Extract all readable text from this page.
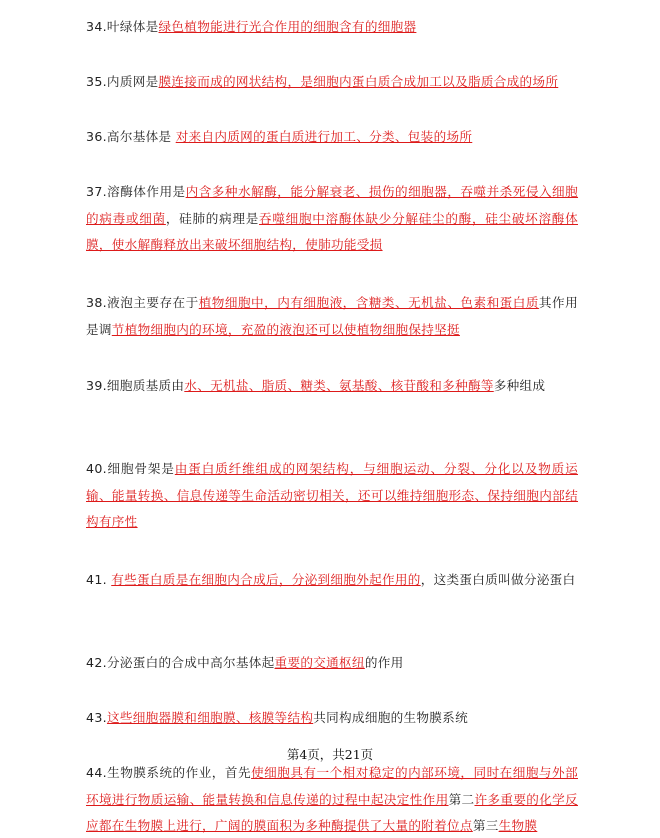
34.叶绿体是绿色植物能进行光合作用的细胞含有的细胞器

35.内质网是膜连接而成的网状结构，是细胞内蛋白质合成加工以及脂质合成的场所

36.高尔基体是 对来自内质网的蛋白质进行加工、分类、包装的场所

37.溶酶体作用是内含多种水解酶，能分解衰老、损伤的细胞器，吞噬并杀死侵入细胞的病毒或细菌，硅肺的病理是吞噬细胞中溶酶体缺少分解硅尘的酶，硅尘破坏溶酶体膜，使水解酶释放出来破坏细胞结构，使肺功能受损

38.液泡主要存在于植物细胞中，内有细胞液，含糖类、无机盐、色素和蛋白质其作用是调节植物细胞内的环境，充盈的液泡还可以使植物细胞保持坚挺

39.细胞质基质由水、无机盐、脂质、糖类、氨基酸、核苷酸和多种酶等多种组成

40.细胞骨架是由蛋白质纤维组成的网架结构，与细胞运动、分裂、分化以及物质运输、能量转换、信息传递等生命活动密切相关，还可以维持细胞形态、保持细胞内部结构有序性

41. 有些蛋白质是在细胞内合成后，分泌到细胞外起作用的，这类蛋白质叫做分泌蛋白

42.分泌蛋白的合成中高尔基体起重要的交通枢纽的作用

43.这些细胞器膜和细胞膜、核膜等结构共同构成细胞的生物膜系统

44.生物膜系统的作业，首先使细胞具有一个相对稳定的内部环境，同时在细胞与外部环境进行物质运输、能量转换和信息传递的过程中起决定性作用第二许多重要的化学反应都在生物膜上进行，广阔的膜面积为多种酶提供了大量的附着位点第三生物膜

第4页，共21页
